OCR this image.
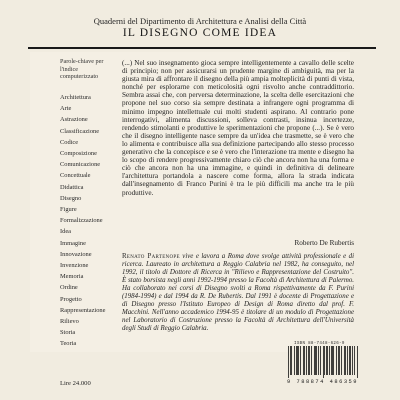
Quaderni del Dipartimento di Architettura e Analisi della Città
IL DISEGNO COME IDEA
Parole-chiave per l'indice computerizzato
Architettura
Arte
Astrazione
Classificazione
Codice
Composizione
Comunicazione
Concettuale
Didattica
Disegno
Figure
Formalizzazione
Idea
Immagine
Innovazione
Invenzione
Memoria
Ordine
Progetto
Rappresentazione
Rilievo
Storia
Teoria

(...) Nel suo insegnamento gioca sempre intelligentemente a cavallo delle scelte di principio; non per assicurarsi un prudente margine di ambiguità, ma per la giusta mira di affrontare il disegno della più ampia molteplicità di punti di vista, nonché per esplorarne con meticolosità ogni risvolto anche contraddittorio. Sembra assai che, con perversa determinazione, la scelta delle esercitazioni che propone nel suo corso sia sempre destinata a infrangere ogni programma di minimo impegno intellettuale cui molti studenti aspirano. Al contrario pone interrogativi, alimenta discussioni, solleva contrasti, insinua incertezze, rendendo stimolanti e produttive le sperimentazioni che propone (...). Se è vero che il disegno intelligente nasce sempre da un'idea che trasmette, se è vero che lo alimenta e contribuisce alla sua definizione partecipando allo stesso processo generativo che la concepisce e se è vero che l'interazione tra mente e disegno ha lo scopo di rendere progressivamente chiaro ciò che ancora non ha una forma e ciò che ancora non ha una immagine, e quindi in definitiva di delineare l'architettura portandola a nascere come forma, allora la strada indicata dall'insegnamento di Franco Purini è tra le più difficili ma anche tra le più produttive.

Roberto De Rubertis

Renato Partenope vive e lavora a Roma dove svolge attività professionale e di ricerca. Laureato in architettura a Reggio Calabria nel 1982, ha conseguito, nel 1992, il titolo di Dottore di Ricerca in "Rilievo e Rappresentazione del Costruito". È stato borsista negli anni 1992-1994 presso la Facoltà di Architettura di Palermo. Ha collaborato nei corsi di Disegno svolti a Roma rispettivamente da F. Purini (1984-1994) e dal 1994 da R. De Rubertis. Dal 1991 è docente di Progettazione e di Disegno presso l'Istituto Europeo di Design di Roma diretto dal prof. F. Macchini. Nell'anno accademico 1994-95 è titolare di un modulo di Progettazione nel Laboratorio di Costruzione presso la Facoltà di Architettura dell'Università degli Studi di Reggio Calabria.

Lire 24.000
ISBN 88-7448-626-9
9 788874 486359
